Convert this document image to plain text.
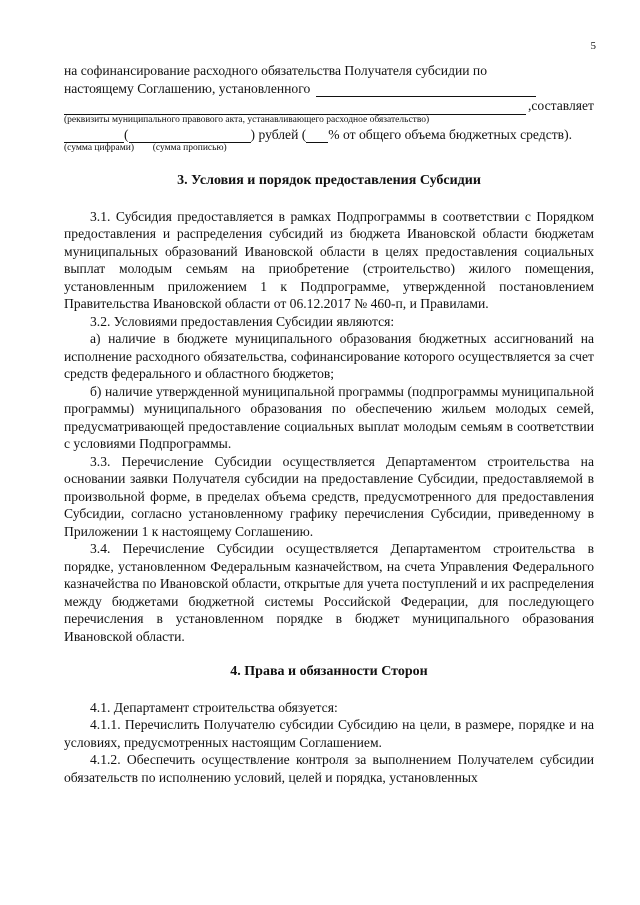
5

на софинансирование расходного обязательства Получателя субсидии по

настоящему Соглашению, установленного
,составляет
(реквизиты муниципального правового акта, устанавливающего расходное обязательство)
(	) рублей ( % от общего объема бюджетных средств).
(сумма цифрами) (сумма прописью)

3. Условия и порядок предоставления Субсидии

3.1. Субсидия предоставляется в рамках Подпрограммы в соответствии с Порядком предоставления и распределения субсидий из бюджета Ивановской области бюджетам муниципальных образований Ивановской области в целях предоставления социальных выплат молодым семьям на приобретение (строительство) жилого помещения, установленным приложением 1 к Подпрограмме, утвержденной постановлением Правительства Ивановской области от 06.12.2017 № 460-п, и Правилами.

3.2. Условиями предоставления Субсидии являются:

а) наличие в бюджете муниципального образования бюджетных ассигнований на исполнение расходного обязательства, софинансирование которого осуществляется за счет средств федерального и областного бюджетов;

б) наличие утвержденной муниципальной программы (подпрограммы муниципальной программы) муниципального образования по обеспечению жильем молодых семей, предусматривающей предоставление социальных выплат молодым семьям в соответствии с условиями Подпрограммы.

3.3. Перечисление Субсидии осуществляется Департаментом строительства на основании заявки Получателя субсидии на предоставление Субсидии, предоставляемой в произвольной форме, в пределах объема средств, предусмотренного для предоставления Субсидии, согласно установленному графику перечисления Субсидии, приведенному в Приложении 1 к настоящему Соглашению.

3.4. Перечисление Субсидии осуществляется Департаментом строительства в порядке, установленном Федеральным казначейством, на счета Управления Федерального казначейства по Ивановской области, открытые для учета поступлений и их распределения между бюджетами бюджетной системы Российской Федерации, для последующего перечисления в установленном порядке в бюджет муниципального образования Ивановской области.

4. Права и обязанности Сторон

4.1. Департамент строительства обязуется:

4.1.1. Перечислить Получателю субсидии Субсидию на цели, в размере, порядке и на условиях, предусмотренных настоящим Соглашением.

4.1.2. Обеспечить осуществление контроля за выполнением Получателем субсидии обязательств по исполнению условий, целей и порядка, установленных
